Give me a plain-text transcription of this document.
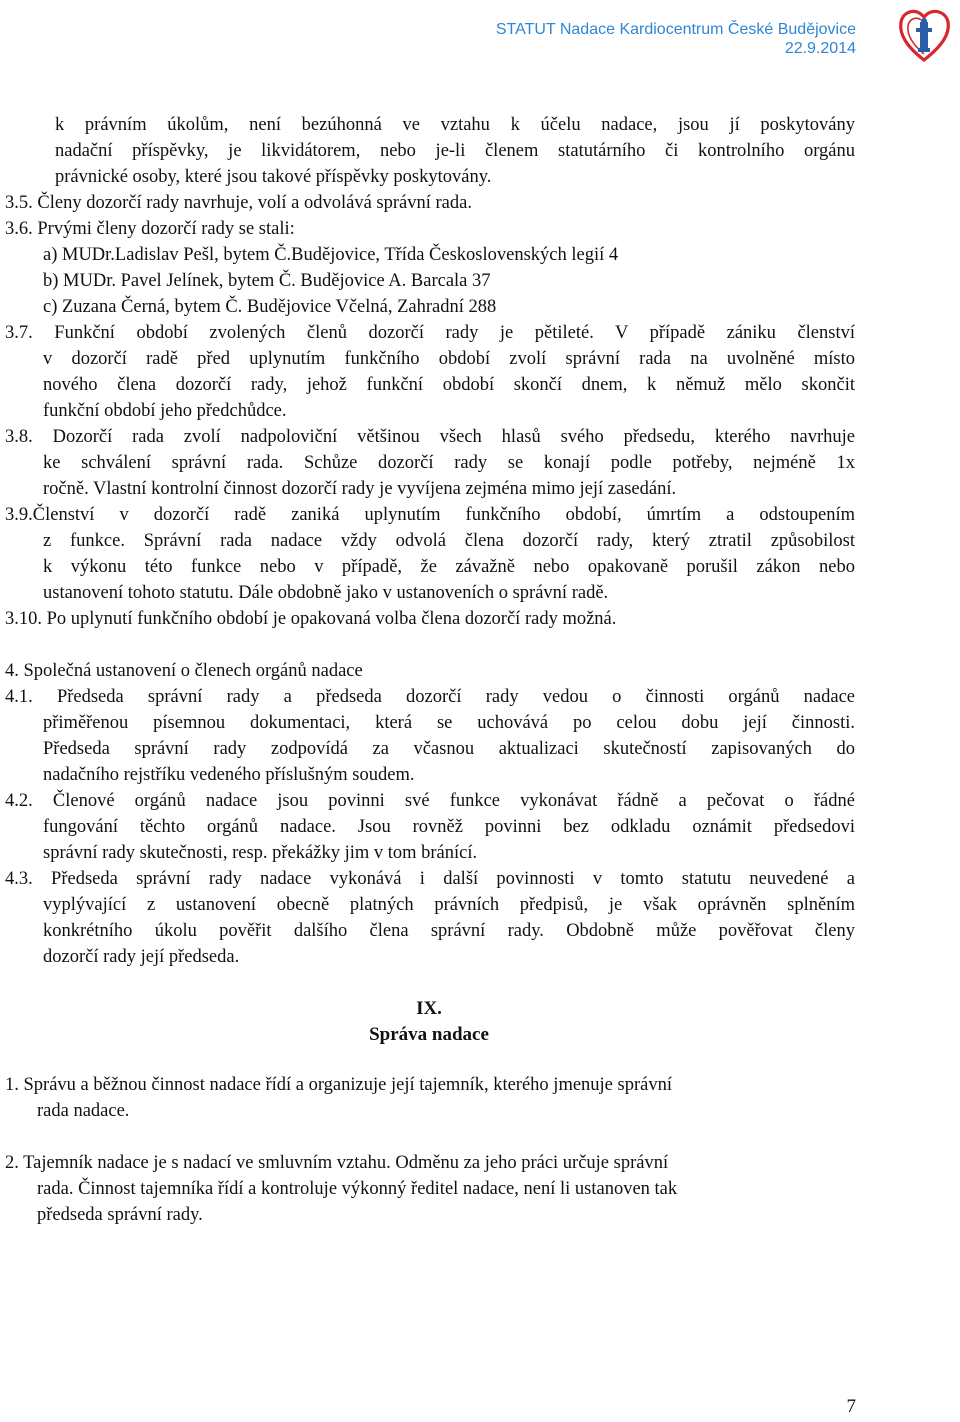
STATUT Nadace Kardiocentrum České Budějovice
22.9.2014
k právním úkolům, není bezúhonná ve vztahu k účelu nadace, jsou jí poskytovány
nadační příspěvky, je likvidátorem, nebo je-li členem statutárního či kontrolního orgánu
právnické osoby, které jsou takové příspěvky poskytovány.
3.5. Členy dozorčí rady navrhuje, volí a odvolává správní rada.
3.6. Prvými členy dozorčí rady se stali:
a) MUDr.Ladislav Pešl, bytem Č.Budějovice, Třída Československých legií 4
b) MUDr. Pavel Jelínek, bytem Č. Budějovice A. Barcala 37
c) Zuzana Černá, bytem Č. Budějovice Včelná, Zahradní 288
3.7. Funkční období zvolených členů dozorčí rady je pětileté. V případě zániku členství
v dozorčí radě před uplynutím funkčního období zvolí správní rada na uvolněné místo
nového člena dozorčí rady, jehož funkční období skončí dnem, k němuž mělo skončit
funkční období jeho předchůdce.
3.8. Dozorčí rada zvolí nadpoloviční většinou všech hlasů svého předsedu, kterého navrhuje
ke schválení správní rada. Schůze dozorčí rady se konají podle potřeby, nejméně 1x
ročně. Vlastní kontrolní činnost dozorčí rady je vyvíjena zejména mimo její zasedání.
3.9.Členství v dozorčí radě zaniká uplynutím funkčního období, úmrtím a odstoupením
z funkce. Správní rada nadace vždy odvolá člena dozorčí rady, který ztratil způsobilost
k výkonu této funkce nebo v případě, že závažně nebo opakovaně porušil zákon nebo
ustanovení tohoto statutu. Dále obdobně jako v ustanoveních o správní radě.
3.10. Po uplynutí funkčního období je opakovaná volba člena dozorčí rady možná.
4. Společná ustanovení o členech orgánů nadace
4.1. Předseda správní rady a předseda dozorčí rady vedou o činnosti orgánů nadace
přiměřenou písemnou dokumentaci, která se uchovává po celou dobu její činnosti.
Předseda správní rady zodpovídá za včasnou aktualizaci skutečností zapisovaných do
nadačního rejstříku vedeného příslušným soudem.
4.2. Členové orgánů nadace jsou povinni své funkce vykonávat řádně a pečovat o řádné
fungování těchto orgánů nadace. Jsou rovněž povinni bez odkladu oznámit předsedovi
správní rady skutečnosti, resp. překážky jim v tom bránící.
4.3. Předseda správní rady nadace vykonává i další povinnosti v tomto statutu neuvedené a
vyplývající z ustanovení obecně platných právních předpisů, je však oprávněn splněním
konkrétního úkolu pověřit dalšího člena správní rady. Obdobně může pověřovat členy
dozorčí rady její předseda.
IX.
Správa nadace
1. Správu a běžnou činnost nadace řídí a organizuje její tajemník, kterého jmenuje správní
rada nadace.
2. Tajemník nadace je s nadací ve smluvním vztahu. Odměnu za jeho práci určuje správní
rada. Činnost tajemníka řídí a kontroluje výkonný ředitel nadace, není li ustanoven tak
předseda správní rady.
7
